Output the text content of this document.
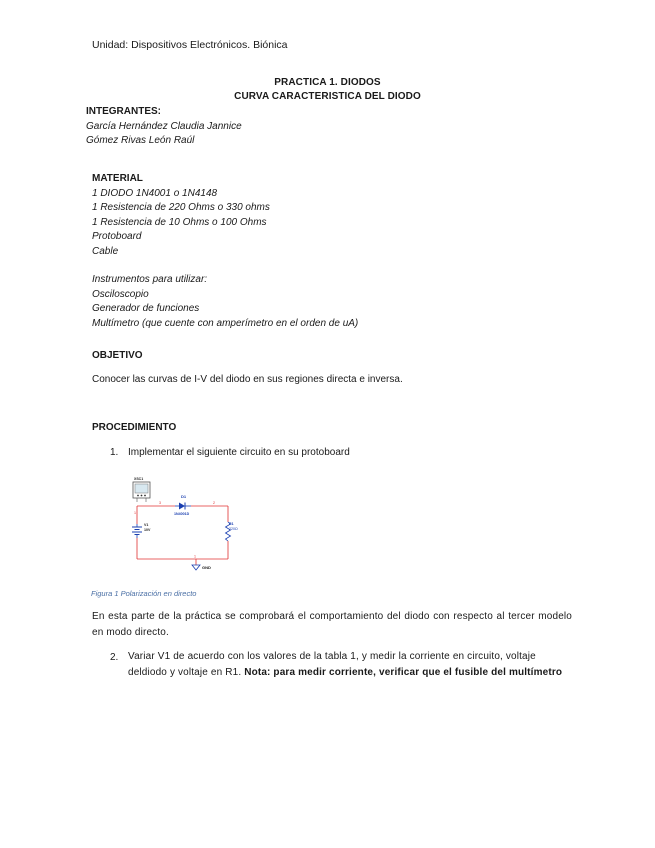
Unidad: Dispositivos Electrónicos. Biónica
PRACTICA 1. DIODOS
CURVA CARACTERISTICA DEL DIODO
INTEGRANTES:
García Hernández Claudia Jannice
Gómez Rivas León Raúl
MATERIAL
1 DIODO 1N4001 o 1N4148
1 Resistencia de 220 Ohms o 330 ohms
1 Resistencia de 10 Ohms o 100 Ohms
Protoboard
Cable
Instrumentos para utilizar:
Osciloscopio
Generador de funciones
Multímetro (que cuente con amperímetro en el orden de uA)
OBJETIVO
Conocer las curvas de I-V del diodo en sus regiones directa e inversa.
PROCEDIMIENTO
1. Implementar el siguiente circuito en su protoboard
XSC1
D1
1N4001D
3	2
1
R1
220Ω
V1
10V
1
GND
Figura 1 Polarización en directo
En esta parte de la práctica se comprobará el comportamiento del diodo con respecto al tercer modelo en modo directo.
2. Variar V1 de acuerdo con los valores de la tabla 1, y medir la corriente en circuito, voltaje deldiodo y voltaje en R1. Nota: para medir corriente, verificar que el fusible del multímetro
